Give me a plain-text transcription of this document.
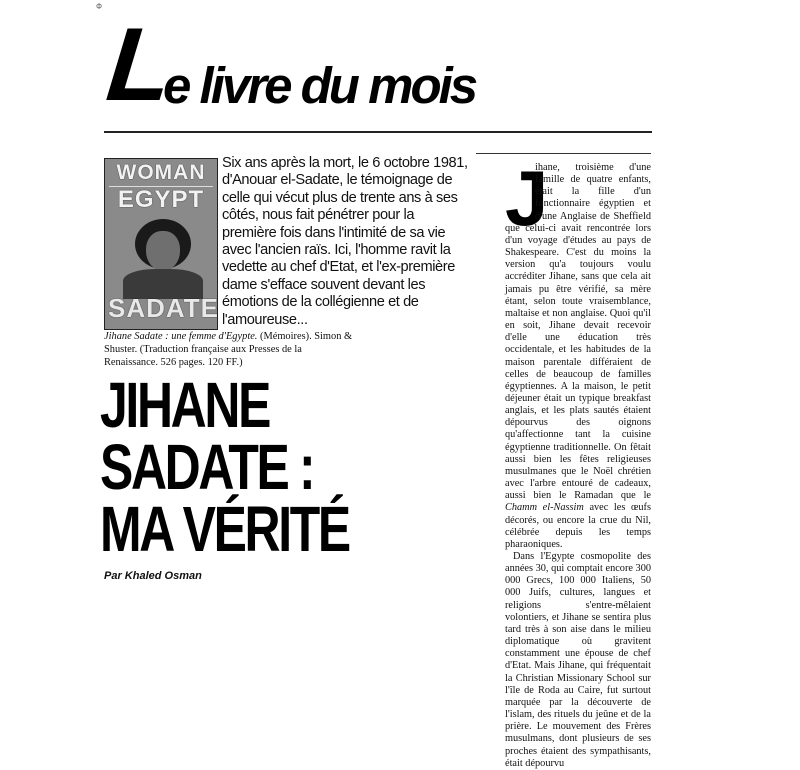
Ф
L
e livre du mois
WOMAN
EGYPT
SADATE

Six ans après la mort, le 6 octobre 1981, d'Anouar el-Sadate, le témoignage de celle qui vécut plus de trente ans à ses côtés, nous fait pénétrer pour la première fois dans l'intimité de sa vie avec l'ancien raïs. Ici, l'homme ravit la vedette au chef d'Etat, et l'ex-première dame s'efface souvent devant les émotions de la collégienne et de l'amoureuse...

Jihane Sadate : une femme d'Egypte. (Mémoires). Simon & Shuster. (Traduction française aux Presses de la Renaissance. 526 pages. 120 FF.)

JIHANE
SADATE :
MA VÉRITÉ
Par Khaled Osman
J

ihane, troisième d'une famille de quatre enfants, était la fille d'un fonctionnaire égyptien et d'une Anglaise de Sheffield que celui-ci avait rencontrée lors d'un voyage d'études au pays de Shakespeare. C'est du moins la version qu'a toujours voulu accréditer Jihane, sans que cela ait jamais pu être vérifié, sa mère étant, selon toute vraisemblance, maltaise et non anglaise. Quoi qu'il en soit, Jihane devait recevoir d'elle une éducation très occidentale, et les habitudes de la maison parentale différaient de celles de beaucoup de familles égyptiennes. A la maison, le petit déjeuner était un typique breakfast anglais, et les plats sautés étaient dépourvus des oignons qu'affectionne tant la cuisine égyptienne traditionnelle. On fêtait aussi bien les fêtes religieuses musulmanes que le Noël chrétien avec l'arbre entouré de cadeaux, aussi bien le Ramadan que le Chamm el-Nassim avec les œufs décorés, ou encore la crue du Nil, célébrée depuis les temps pharaoniques.

Dans l'Egypte cosmopolite des années 30, qui comptait encore 300 000 Grecs, 100 000 Italiens, 50 000 Juifs, cultures, langues et religions s'entre-mêlaient volontiers, et Jihane se sentira plus tard très à son aise dans le milieu diplomatique où gravitent constamment une épouse de chef d'Etat. Mais Jihane, qui fréquentait la Christian Missionary School sur l'île de Roda au Caire, fut surtout marquée par la découverte de l'islam, des rituels du jeûne et de la prière. Le mouvement des Frères musulmans, dont plusieurs de ses proches étaient des sympathisants, était dépourvu
